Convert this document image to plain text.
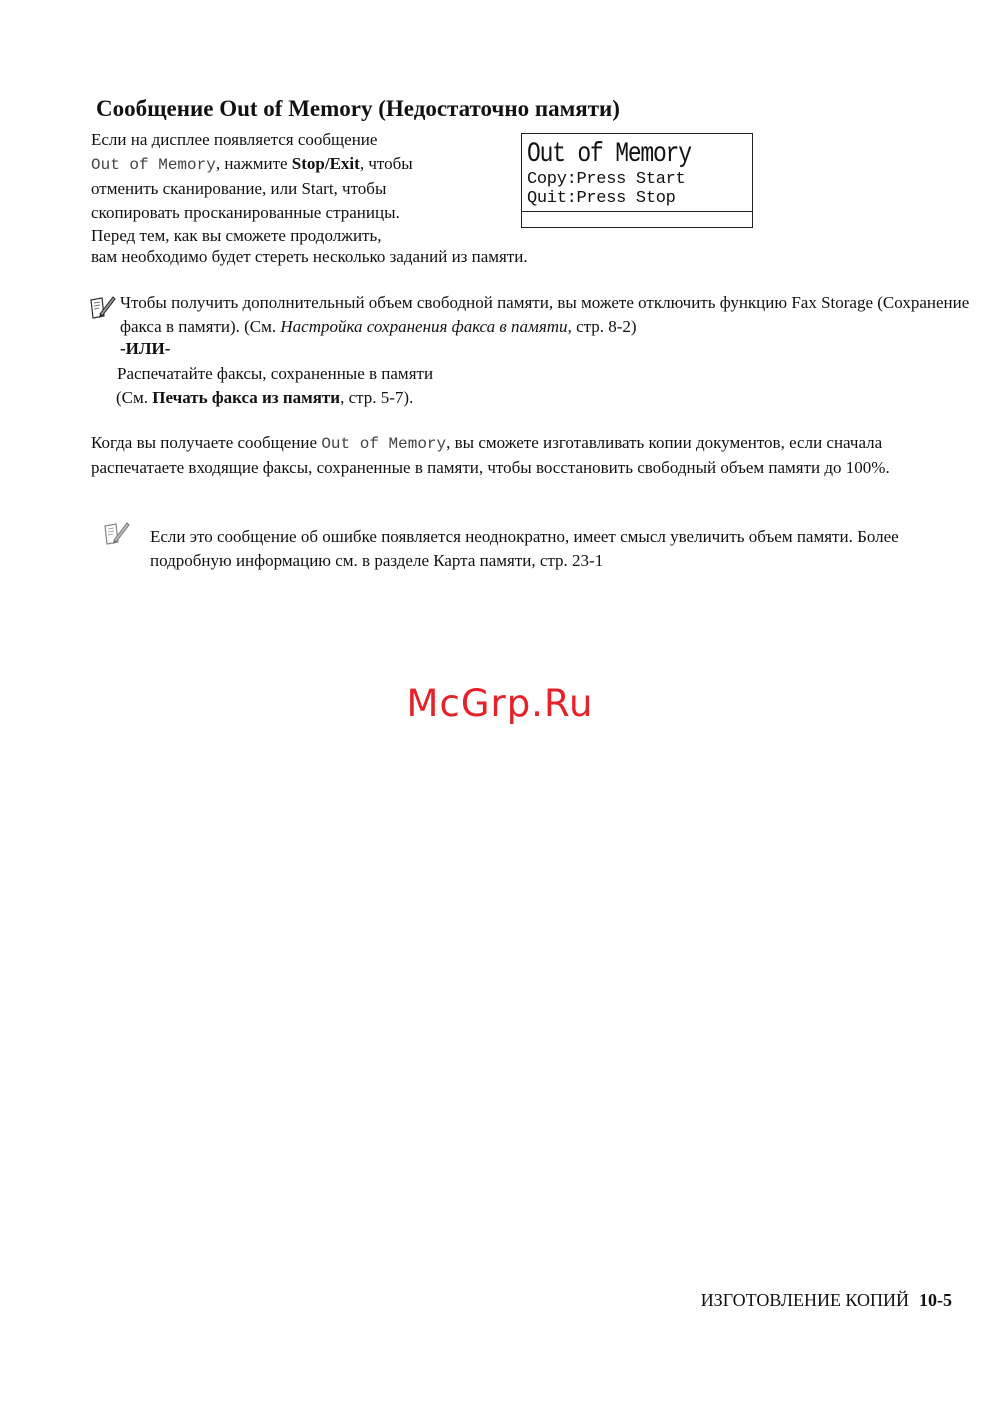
Сообщение Out of Memory (Недостаточно памяти)
Если на дисплее появляется сообщение
Out of Memory, нажмите Stop/Exit, чтобы
отменить сканирование, или Start, чтобы
скопировать просканированные страницы.
Перед тем, как вы сможете продолжить,
вам необходимо будет стереть несколько заданий из памяти.
Out of Memory
Copy:Press Start
Quit:Press Stop
Чтобы получить дополнительный объем свободной памяти, вы можете отключить функцию Fax Storage (Сохранение факса в памяти). (См. Настройка сохранения факса в памяти, стр. 8-2)
-ИЛИ-
Распечатайте факсы, сохраненные в памяти
(См. Печать факса из памяти, стр. 5-7).
Когда вы получаете сообщение Out of Memory, вы сможете изготавливать копии документов, если сначала распечатаете входящие факсы, сохраненные в памяти, чтобы восстановить свободный объем памяти до 100%.
Если это сообщение об ошибке появляется неоднократно, имеет смысл увеличить объем памяти. Более подробную информацию см. в разделе Карта памяти, стр. 23-1
McGrp.Ru
ИЗГОТОВЛЕНИЕ КОПИЙ 10-5
